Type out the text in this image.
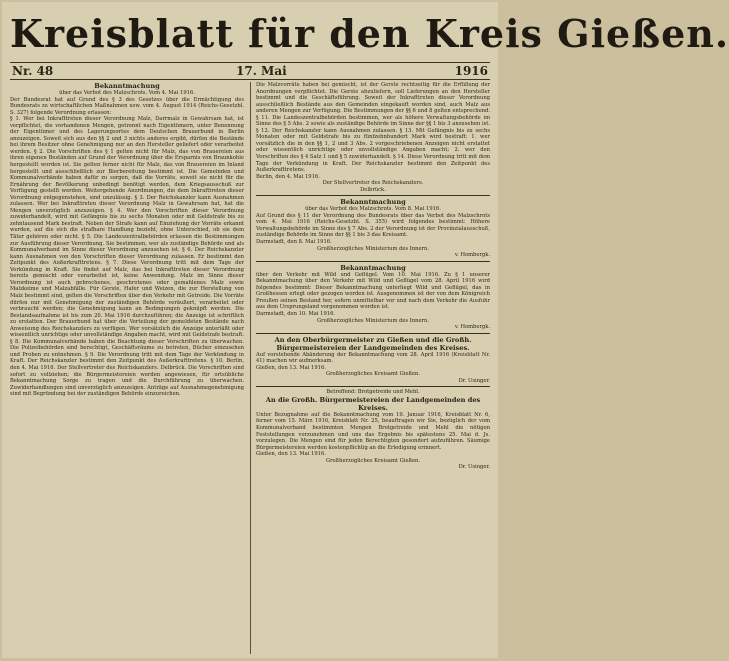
Kreisblatt für den Kreis Gießen.
Nr. 48	17. Mai	1916

Bekanntmachung

über das Verbot des Malzschrots. Vom 4. Mai 1916.

Der Bundesrat hat auf Grund des § 3 des Gesetzes über die Ermächtigung des Bundesrats zu wirtschaftlichen Maßnahmen usw. vom 4. August 1914 (Reichs-Gesetzbl. S. 327) folgende Verordnung erlassen:

§ 1. Wer bei Inkrafttreten dieser Verordnung Malz, Darrmalz in Gewahrsam hat, ist verpflichtet, die vorhandenen Mengen, getrennt nach Eigentümern, unter Benennung der Eigentümer und des Lagerungsortes dem Deutschen Brauerbund in Berlin anzuzeigen. Soweit sich aus den §§ 2 und 3 nichts anderes ergibt, dürfen die Bestände bei ihrem Besitzer ohne Genehmigung nur an den Hersteller geliefert oder verarbeitet werden. § 2. Die Vorschriften des § 1 gelten nicht für Malz, das von Brauereien aus ihren eigenen Beständen auf Grund der Verordnung über die Ersparnis von Braunkohle hergestellt worden ist. Sie gelten ferner nicht für Malz, das von Brauereien im Inland hergestellt und ausschließlich zur Bierbereitung bestimmt ist. Die Gemeinden und Kommunalverbände haben dafür zu sorgen, daß die Vorräte, soweit sie nicht für die Ernährung der Bevölkerung unbedingt benötigt werden, dem Kriegsausschuß zur Verfügung gestellt werden. Weitergehende Anordnungen, die dem Inkrafttreten dieser Verordnung entgegenstehen, sind unzulässig. § 3. Der Reichskanzler kann Ausnahmen zulassen. Wer bei Inkrafttreten dieser Verordnung Malz in Gewahrsam hat, hat die Mengen unverzüglich anzuzeigen. § 4. Wer den Vorschriften dieser Verordnung zuwiderhandelt, wird mit Gefängnis bis zu sechs Monaten oder mit Geldstrafe bis zu zehntausend Mark bestraft. Neben der Strafe kann auf Einziehung der Vorräte erkannt werden, auf die sich die strafbare Handlung bezieht, ohne Unterschied, ob sie dem Täter gehören oder nicht. § 5. Die Landeszentralbehörden erlassen die Bestimmungen zur Ausführung dieser Verordnung. Sie bestimmen, wer als zuständige Behörde und als Kommunalverband im Sinne dieser Verordnung anzusehen ist. § 6. Der Reichskanzler kann Ausnahmen von den Vorschriften dieser Verordnung zulassen. Er bestimmt den Zeitpunkt des Außerkrafttretens. § 7. Diese Verordnung tritt mit dem Tage der Verkündung in Kraft. Sie findet auf Malz, das bei Inkrafttreten dieser Verordnung bereits gemischt oder verarbeitet ist, keine Anwendung. Malz im Sinne dieser Verordnung ist auch gebrochenes, geschrotenes oder gemahlenes Malz sowie Malzkeime und Malzabfälle. Für Gerste, Hafer und Weizen, die zur Herstellung von Malz bestimmt sind, gelten die Vorschriften über den Verkehr mit Getreide. Die Vorräte dürfen nur mit Genehmigung der zuständigen Behörde veräußert, verarbeitet oder verbraucht werden; die Genehmigung kann an Bedingungen geknüpft werden. Die Bestandsaufnahme ist bis zum 20. Mai 1916 durchzuführen; die Anzeige ist schriftlich zu erstatten. Der Brauerbund hat über die Verteilung der gemeldeten Bestände nach Anweisung des Reichskanzlers zu verfügen. Wer vorsätzlich die Anzeige unterläßt oder wissentlich unrichtige oder unvollständige Angaben macht, wird mit Geldstrafe bestraft. § 8. Die Kommunalverbände haben die Beachtung dieser Vorschriften zu überwachen. Die Polizeibehörden sind berechtigt, Geschäftsräume zu betreten, Bücher einzusehen und Proben zu entnehmen. § 9. Die Verordnung tritt mit dem Tage der Verkündung in Kraft. Der Reichskanzler bestimmt den Zeitpunkt des Außerkrafttretens. § 10. Berlin, den 4. Mai 1916. Der Stellvertreter des Reichskanzlers. Delbrück. Die Vorschriften sind sofort zu vollziehen; die Bürgermeistereien werden angewiesen, für ortsübliche Bekanntmachung Sorge zu tragen und die Durchführung zu überwachen. Zuwiderhandlungen sind unverzüglich anzuzeigen. Anträge auf Ausnahmegenehmigung sind mit Begründung bei der zuständigen Behörde einzureichen.

Die Malzvorräte haben bei gemischt, ist der Gerste rechtzeitig für die Erfüllung der Anordnungen verpflichtet. Die Gerste abzuliefern, soll Lieferungen an den Hersteller bestimmt und die Geschäftsführung. Soweit der Inkrafttreten dieser Verordnung ausschließlich Bestände aus den Gemeinden eingekauft worden sind, auch Malz aus anderen Mengen zur Verfügung. Die Bestimmungen der §§ 6 und 8 gelten entsprechend. § 11. Die Landeszentralbehörden bestimmen, wer als höhere Verwaltungsbehörde im Sinne des § 5 Abs. 2 sowie als zuständige Behörde im Sinne der §§ 1 bis 3 anzusehen ist. § 12. Der Reichskanzler kann Ausnahmen zulassen. § 13. Mit Gefängnis bis zu sechs Monaten oder mit Geldstrafe bis zu fünfzehnhundert Mark wird bestraft: 1. wer vorsätzlich die in den §§ 1, 2 und 3 Abs. 2 vorgeschriebenen Anzeigen nicht erstattet oder wissentlich unrichtige oder unvollständige Angaben macht; 2. wer den Vorschriften des § 4 Satz 1 und § 5 zuwiderhandelt. § 14. Diese Verordnung tritt mit dem Tage der Verkündung in Kraft. Der Reichskanzler bestimmt den Zeitpunkt des Außerkrafttretens.

Berlin, den 4. Mai 1916.

Der Stellvertreter des Reichskanzlers.

Delbrück.

Bekanntmachung

über das Verbot des Malzschrots. Vom 8. Mai 1916.

Auf Grund des § 11 der Verordnung des Bundesrats über das Verbot des Malzschrots vom 4. Mai 1916 (Reichs-Gesetzbl. S. 355) wird folgendes bestimmt: Höhere Verwaltungsbehörde im Sinne des § 7 Abs. 2 der Verordnung ist der Provinzialausschuß, zuständige Behörde im Sinne der §§ 1 bis 3 das Kreisamt.

Darmstadt, den 8. Mai 1916.

Großherzogliches Ministerium des Innern.

v. Hombergk.

Bekanntmachung

über den Verkehr mit Wild und Geflügel. Vom 10. Mai 1916. Zu § 1 unserer Bekanntmachung über den Verkehr mit Wild und Geflügel vom 28. April 1916 wird folgendes bestimmt: Dieser Bekanntmachung unterliegt Wild und Geflügel, das in Großhessen erlegt oder gezogen worden ist. Ausgenommen ist der von dem Königreich Preußen seinen Bestand her, sofern unmittelbar vor und nach dem Verkehr die Ausfuhr aus dem Ursprungsland vorgenommen worden ist.

Darmstadt, den 10. Mai 1916.

Großherzogliches Ministerium des Innern.

v. Hombergk.

An den Oberbürgermeister zu Gießen und die Großh. Bürgermeistereien der Landgemeinden des Kreises.

Auf vorstehende Abänderung der Bekanntmachung vom 28. April 1916 (Kreisblatt Nr. 41) machen wir aufmerksam.

Gießen, den 13. Mai 1916.

Großherzogliches Kreisamt Gießen.

Dr. Usinger.

Betreffend: Brotgetreide und Mehl.

An die Großh. Bürgermeistereien der Landgemeinden des Kreises.

Unter Bezugnahme auf die Bekanntmachung vom 19. Januar 1916, Kreisblatt Nr. 6, ferner vom 15. März 1916, Kreisblatt Nr. 25, beauftragen wir Sie, bezüglich der vom Kommunalverband bestimmten Mengen Brotgetreide und Mehl die nötigen Feststellungen vorzunehmen und uns das Ergebnis bis spätestens 25. Mai d. Js. vorzulegen. Die Mengen sind für jeden Berechtigten gesondert aufzuführen. Säumige Bürgermeistereien werden kostenpflichtig an die Erledigung erinnert.

Gießen, den 13. Mai 1916.

Großherzogliches Kreisamt Gießen.

Dr. Usinger.
